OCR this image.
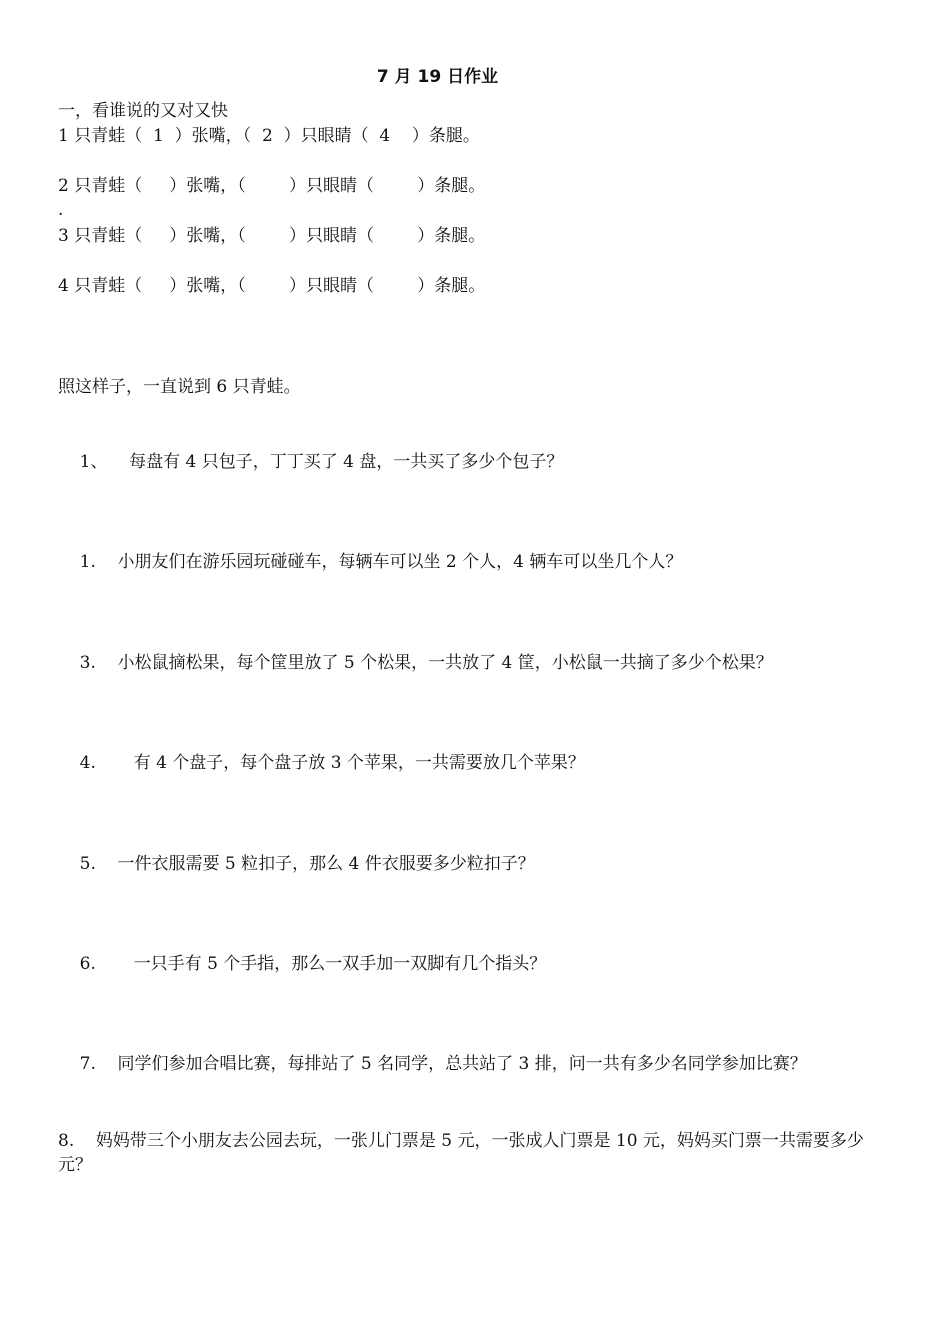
7 月 19 日作业
一，看谁说的又对又快
1 只青蛙（  1  ）张嘴，（  2  ）只眼睛（  4    ）条腿。
2 只青蛙（     ）张嘴，（        ）只眼睛（        ）条腿。
.
3 只青蛙（     ）张嘴，（        ）只眼睛（        ）条腿。
4 只青蛙（     ）张嘴，（        ）只眼睛（        ）条腿。
照这样子，一直说到 6 只青蛙。

1、 每盘有 4 只包子，丁丁买了 4 盘，一共买了多少个包子？

1. 小朋友们在游乐园玩碰碰车，每辆车可以坐 2 个人，4 辆车可以坐几个人？

3. 小松鼠摘松果，每个筐里放了 5 个松果，一共放了 4 筐，小松鼠一共摘了多少个松果？

4. 有 4 个盘子，每个盘子放 3 个苹果，一共需要放几个苹果？

5. 一件衣服需要 5 粒扣子，那么 4 件衣服要多少粒扣子？

6. 一只手有 5 个手指，那么一双手加一双脚有几个指头？

7. 同学们参加合唱比赛，每排站了 5 名同学，总共站了 3 排，问一共有多少名同学参加比赛？

8. 妈妈带三个小朋友去公园去玩，一张儿门票是 5 元，一张成人门票是 10 元，妈妈买门票一共需要多少元？
